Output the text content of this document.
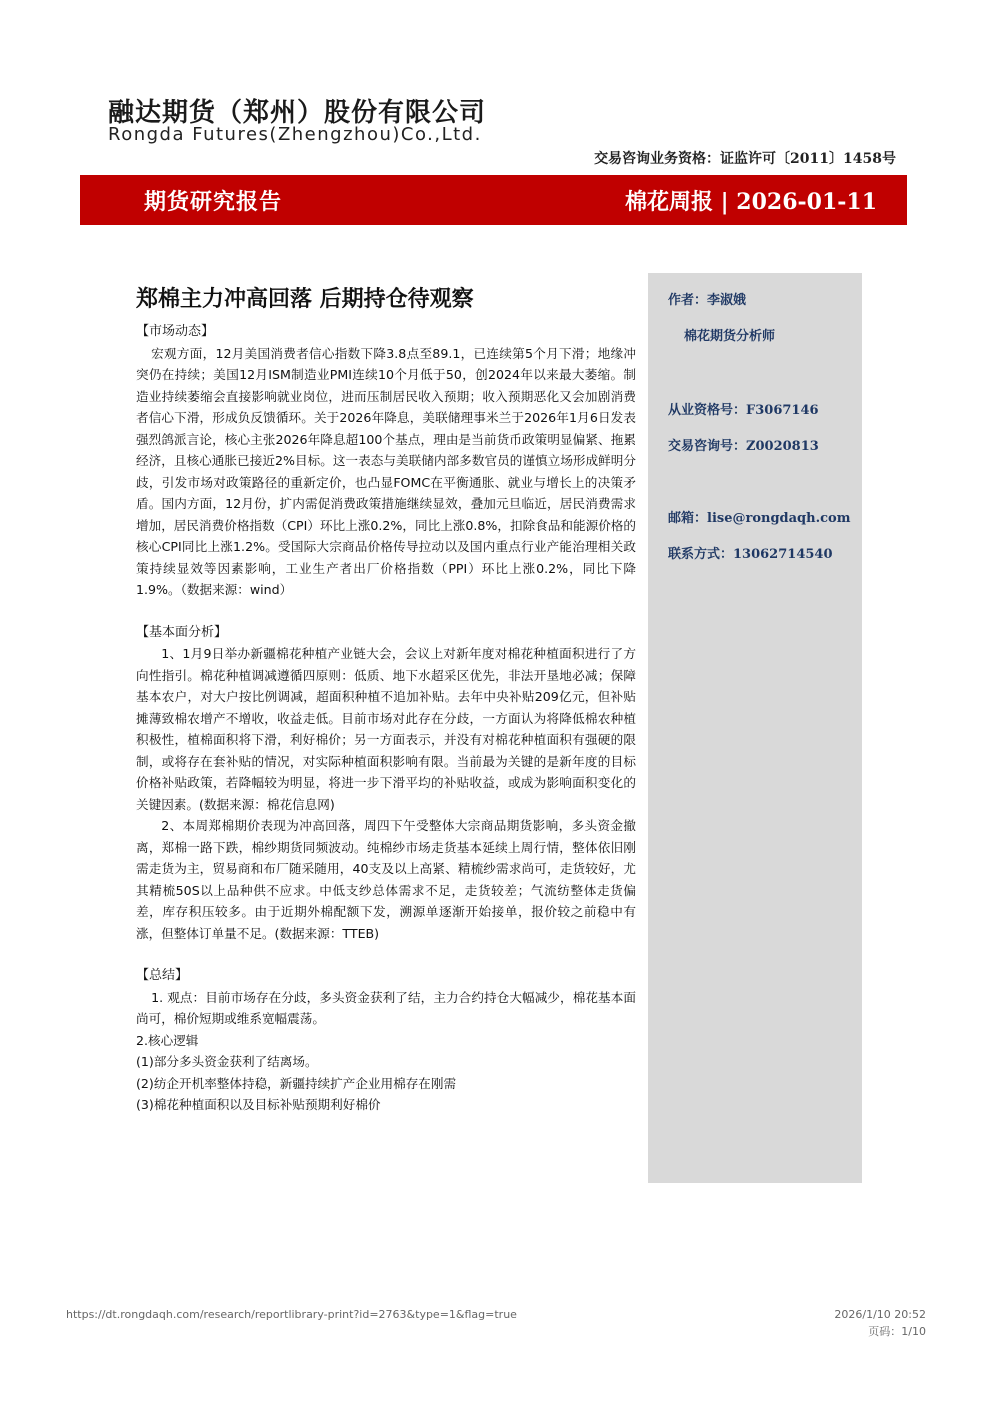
融达期货（郑州）股份有限公司
Rongda Futures(Zhengzhou)Co.,Ltd.
交易咨询业务资格：证监许可〔2011〕1458号
期货研究报告	棉花周报 | 2026-01-11
作者：李淑娥
棉花期货分析师
从业资格号：F3067146
交易咨询号：Z0020813
邮箱：lise@rongdaqh.com
联系方式：13062714540
郑棉主力冲高回落 后期持仓待观察
【市场动态】

宏观方面，12月美国消费者信心指数下降3.8点至89.1，已连续第5个月下滑；地缘冲突仍在持续；美国12月ISM制造业PMI连续10个月低于50，创2024年以来最大萎缩。制造业持续萎缩会直接影响就业岗位，进而压制居民收入预期；收入预期恶化又会加剧消费者信心下滑，形成负反馈循环。关于2026年降息，美联储理事米兰于2026年1月6日发表强烈鸽派言论，核心主张2026年降息超100个基点，理由是当前货币政策明显偏紧、拖累经济，且核心通胀已接近2%目标。这一表态与美联储内部多数官员的谨慎立场形成鲜明分歧，引发市场对政策路径的重新定价，也凸显FOMC在平衡通胀、就业与增长上的决策矛盾。国内方面，12月份，扩内需促消费政策措施继续显效，叠加元旦临近，居民消费需求增加，居民消费价格指数（CPI）环比上涨0.2%，同比上涨0.8%，扣除食品和能源价格的核心CPI同比上涨1.2%。受国际大宗商品价格传导拉动以及国内重点行业产能治理相关政策持续显效等因素影响，工业生产者出厂价格指数（PPI）环比上涨0.2%，同比下降1.9%。（数据来源：wind）

【基本面分析】

1、1月9日举办新疆棉花种植产业链大会，会议上对新年度对棉花种植面积进行了方向性指引。棉花种植调减遵循四原则：低质、地下水超采区优先，非法开垦地必减；保障基本农户，对大户按比例调减，超面积种植不追加补贴。去年中央补贴209亿元，但补贴摊薄致棉农增产不增收，收益走低。目前市场对此存在分歧，一方面认为将降低棉农种植积极性，植棉面积将下滑，利好棉价；另一方面表示，并没有对棉花种植面积有强硬的限制，或将存在套补贴的情况，对实际种植面积影响有限。当前最为关键的是新年度的目标价格补贴政策，若降幅较为明显，将进一步下滑平均的补贴收益，或成为影响面积变化的关键因素。(数据来源：棉花信息网)

2、本周郑棉期价表现为冲高回落，周四下午受整体大宗商品期货影响，多头资金撤离，郑棉一路下跌，棉纱期货同频波动。纯棉纱市场走货基本延续上周行情，整体依旧刚需走货为主，贸易商和布厂随采随用，40支及以上高紧、精梳纱需求尚可，走货较好，尤其精梳50S以上品种供不应求。中低支纱总体需求不足，走货较差；气流纺整体走货偏差，库存积压较多。由于近期外棉配额下发，溯源单逐渐开始接单，报价较之前稳中有涨，但整体订单量不足。(数据来源：TTEB)

【总结】

1. 观点：目前市场存在分歧，多头资金获利了结，主力合约持仓大幅减少，棉花基本面尚可，棉价短期或维系宽幅震荡。

2.核心逻辑

(1)部分多头资金获利了结离场。

(2)纺企开机率整体持稳，新疆持续扩产企业用棉存在刚需

(3)棉花种植面积以及目标补贴预期利好棉价

https://dt.rongdaqh.com/research/reportlibrary-print?id=2763&type=1&flag=true	2026/1/10 20:52
页码：1/10
